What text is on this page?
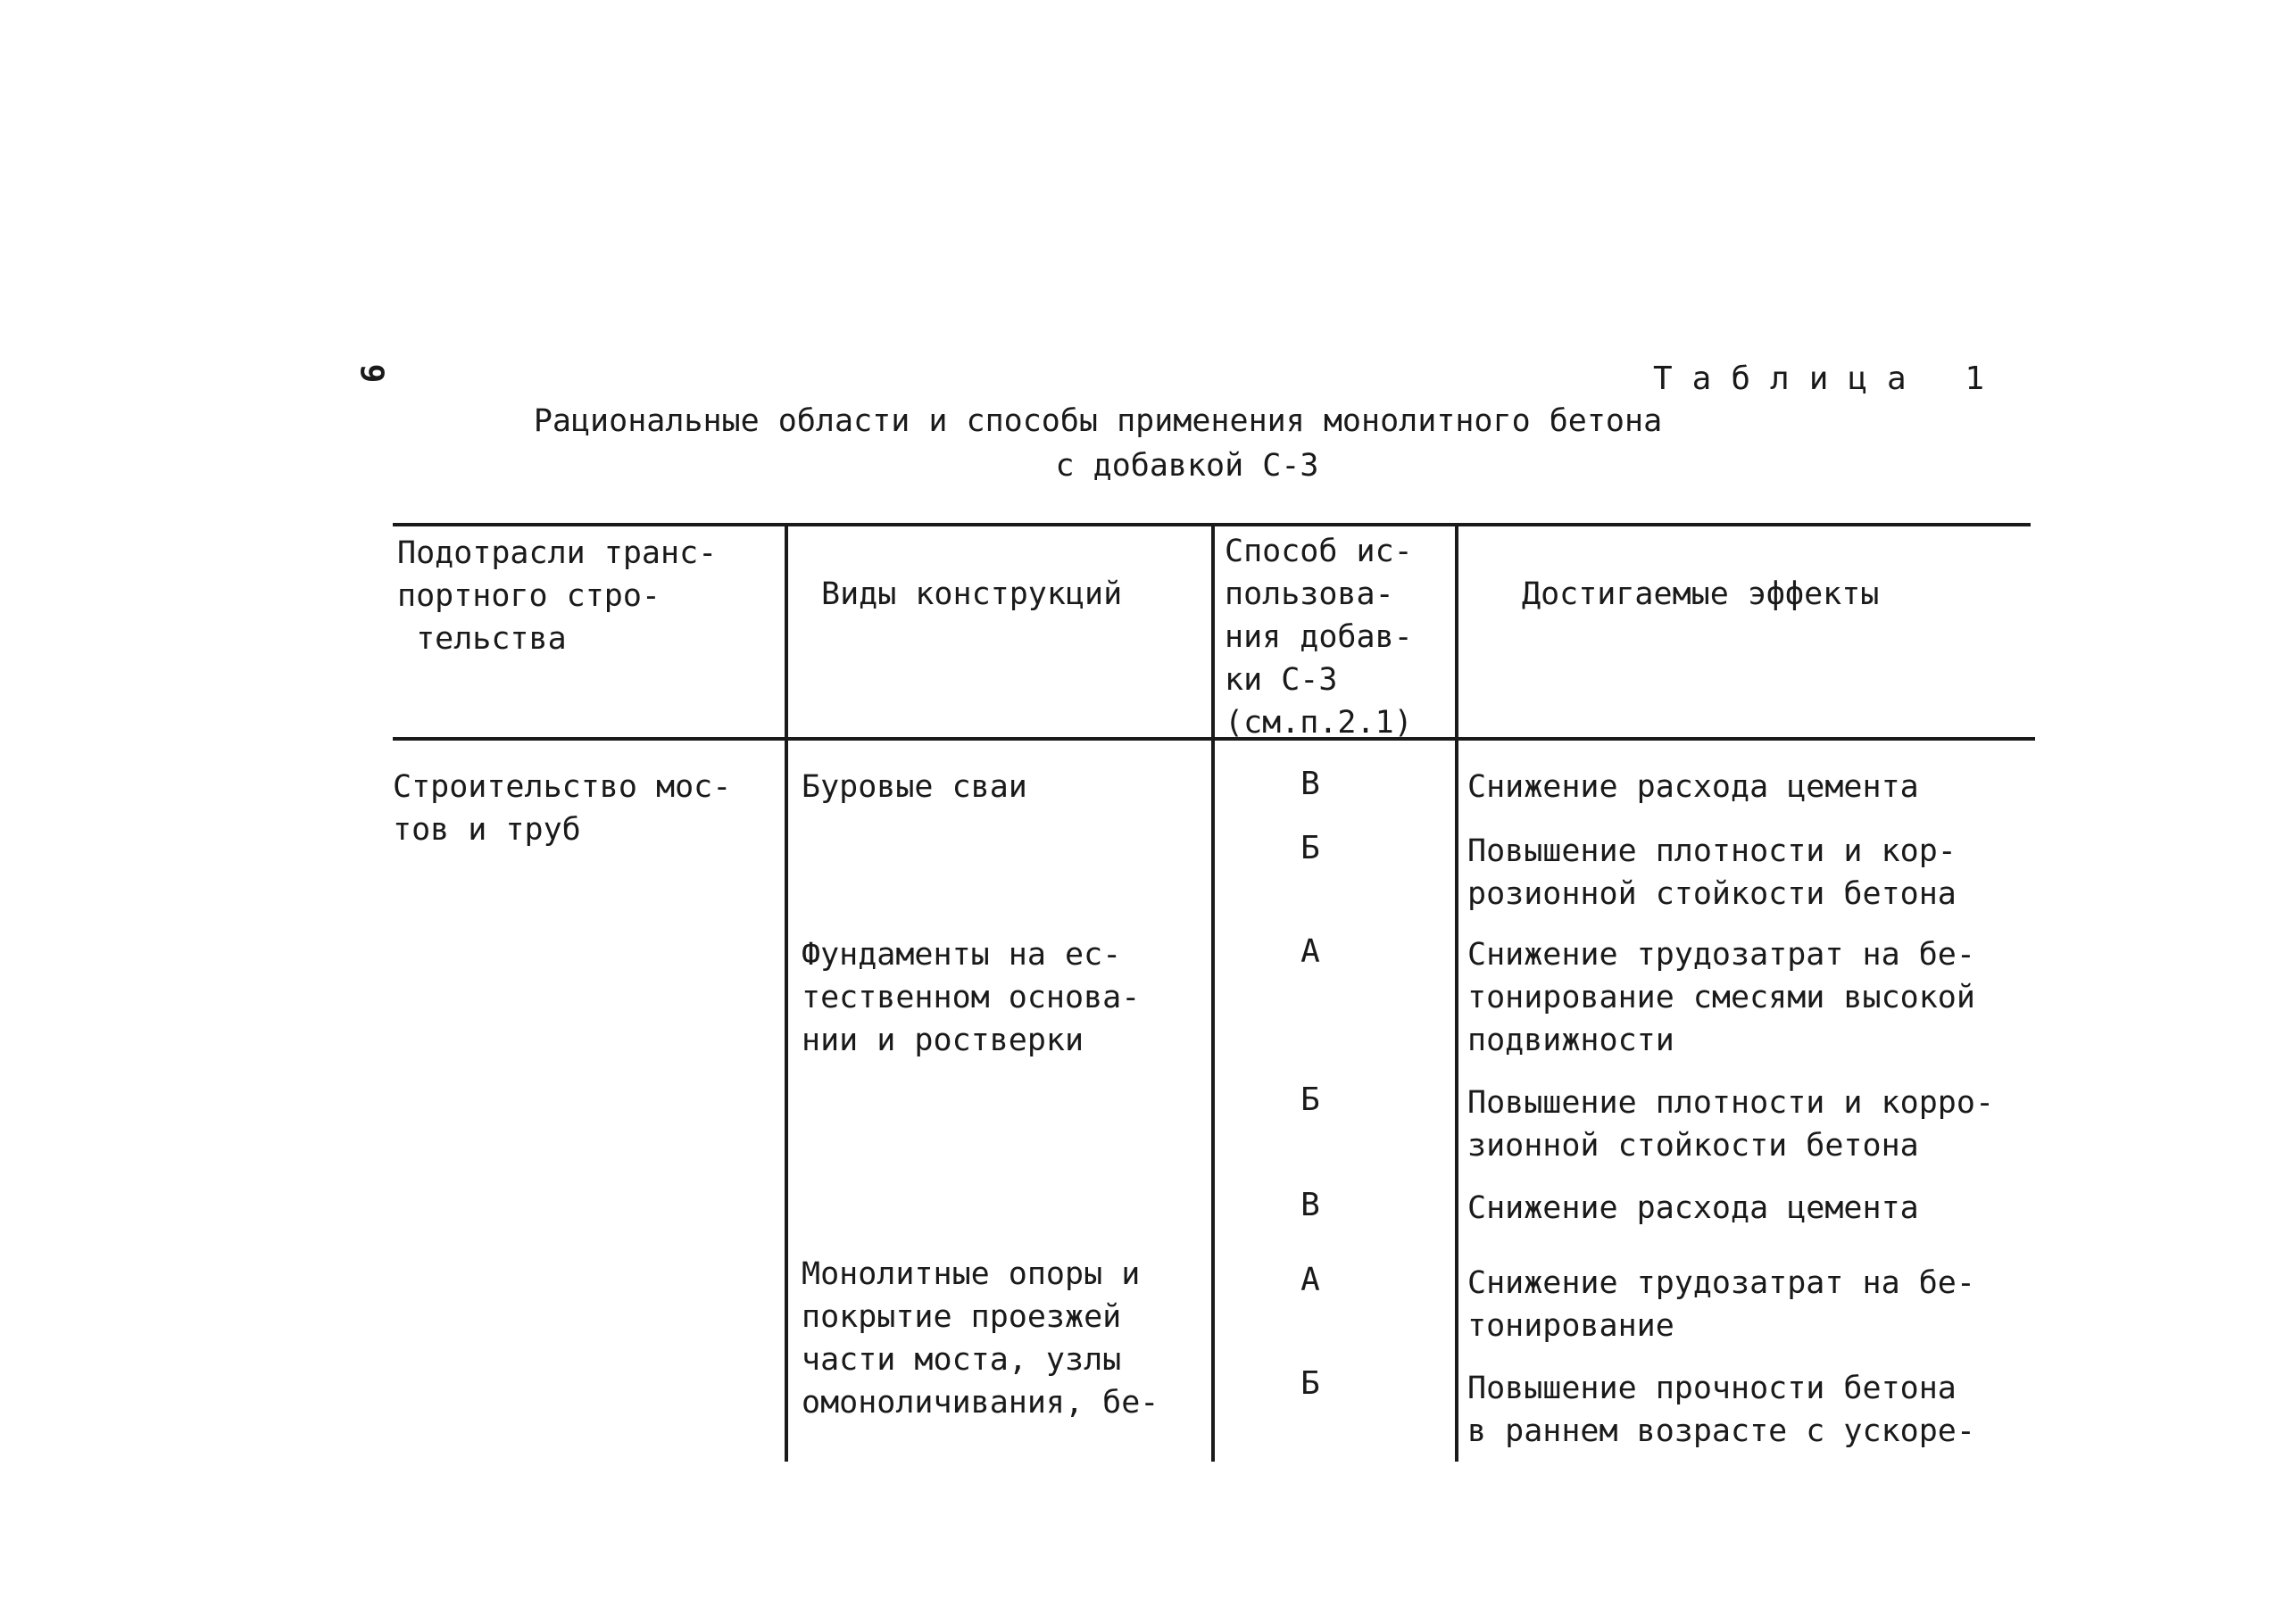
9	Таблица 1
Рациональные области и способы применения монолитного бетона
с добавкой С-3
Подотрасли транс-
портного стро-
тельства
Виды конструкций
Способ ис-
пользова-
ния добав-
ки С-3
(см.п.2.1)
Достигаемые эффекты
Строительство мос-
тов и труб
Буровые сваи
Фундаменты на ес-
тественном основа-
нии и ростверки
Монолитные опоры и
покрытие проезжей
части моста, узлы
омоноличивания, бе-
В
Б
А
Б
В
А
Б
Снижение расхода цемента
Повышение плотности и кор-
розионной стойкости бетона
Снижение трудозатрат на бе-
тонирование смесями высокой
подвижности
Повышение плотности и корро-
зионной стойкости бетона
Снижение расхода цемента
Снижение трудозатрат на бе-
тонирование
Повышение прочности бетона
в раннем возрасте с ускоре-
